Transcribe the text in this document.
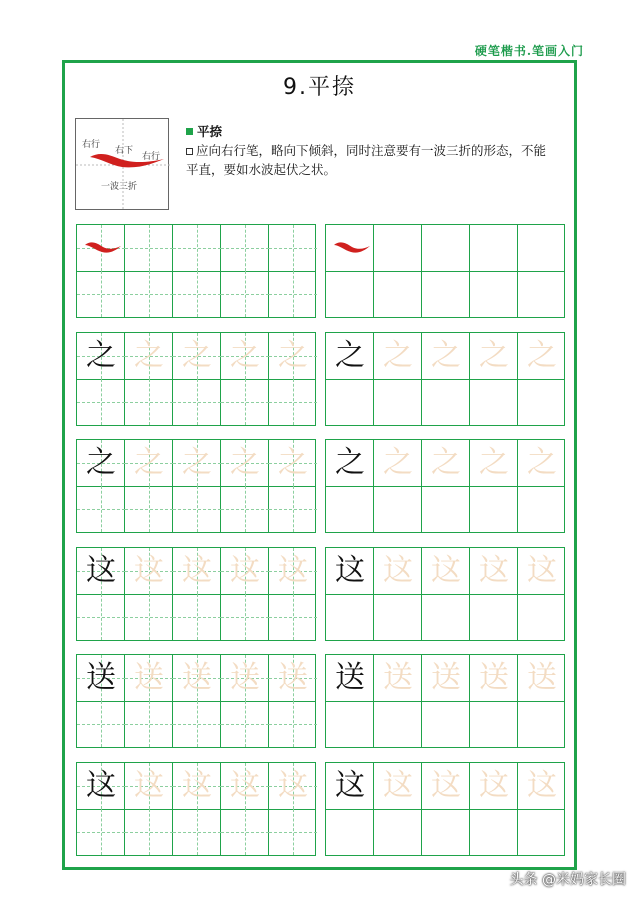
硬笔楷书.笔画入门
9.平捺
右行
右下
右行
一波三折
平捺
应向右行笔，略向下倾斜，同时注意要有一波三折的形态，不能平直，要如水波起伏之状。
之 之 之 之 之 之 之 之 之 之
之 之 之 之 之 之 之 之 之 之
这 这 这 这 这 这 这 这 这 这
送 送 送 送 送 送 送 送 送 送
这 这 这 这 这 这 这 这 这 这
头条 @米妈家长圈
